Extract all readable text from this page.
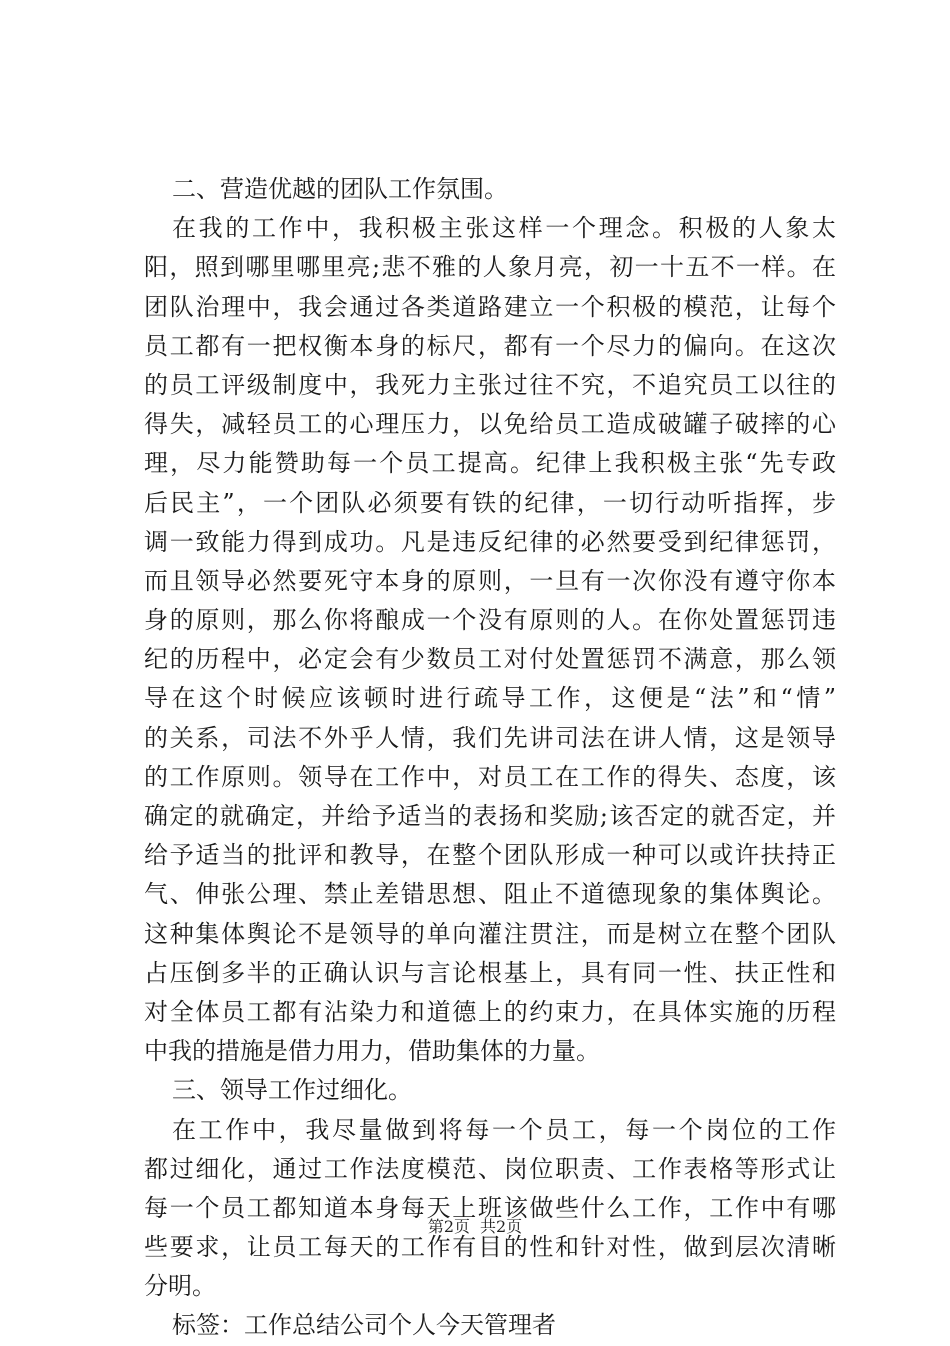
二、营造优越的团队工作氛围。
在我的工作中，我积极主张这样一个理念。积极的人象太
阳，照到哪里哪里亮;悲不雅的人象月亮，初一十五不一样。在
团队治理中，我会通过各类道路建立一个积极的模范，让每个
员工都有一把权衡本身的标尺，都有一个尽力的偏向。在这次
的员工评级制度中，我死力主张过往不究，不追究员工以往的
得失，减轻员工的心理压力，以免给员工造成破罐子破摔的心
理，尽力能赞助每一个员工提高。纪律上我积极主张“先专政
后民主”，一个团队必须要有铁的纪律，一切行动听指挥，步
调一致能力得到成功。凡是违反纪律的必然要受到纪律惩罚，
而且领导必然要死守本身的原则，一旦有一次你没有遵守你本
身的原则，那么你将酿成一个没有原则的人。在你处置惩罚违
纪的历程中，必定会有少数员工对付处置惩罚不满意，那么领
导在这个时候应该顿时进行疏导工作，这便是“法”和“情”
的关系，司法不外乎人情，我们先讲司法在讲人情，这是领导
的工作原则。领导在工作中，对员工在工作的得失、态度，该
确定的就确定，并给予适当的表扬和奖励;该否定的就否定，并
给予适当的批评和教导，在整个团队形成一种可以或许扶持正
气、伸张公理、禁止差错思想、阻止不道德现象的集体舆论。
这种集体舆论不是领导的单向灌注贯注，而是树立在整个团队
占压倒多半的正确认识与言论根基上，具有同一性、扶正性和
对全体员工都有沾染力和道德上的约束力，在具体实施的历程
中我的措施是借力用力，借助集体的力量。
三、领导工作过细化。
在工作中，我尽量做到将每一个员工，每一个岗位的工作
都过细化，通过工作法度模范、岗位职责、工作表格等形式让
每一个员工都知道本身每天上班该做些什么工作，工作中有哪
些要求，让员工每天的工作有目的性和针对性，做到层次清晰
分明。
标签：工作总结公司个人今天管理者
第2页 共2页
